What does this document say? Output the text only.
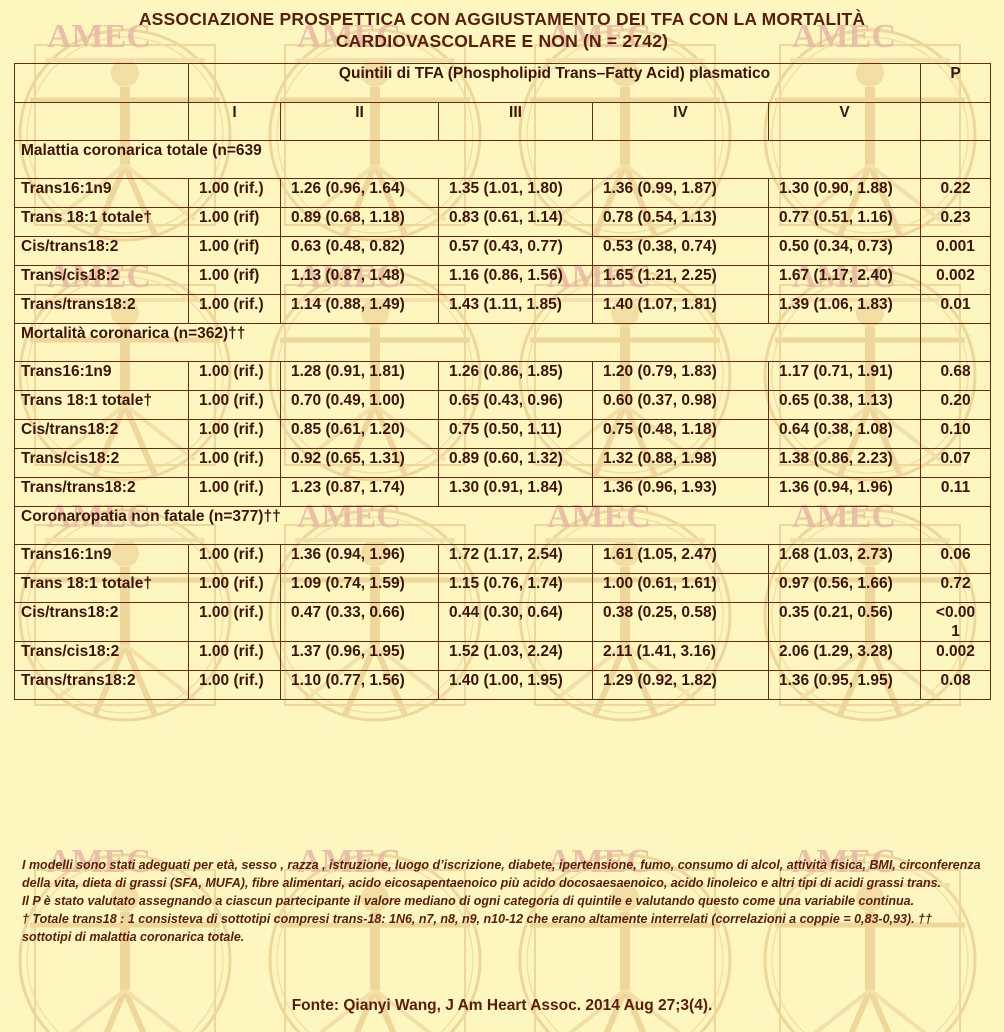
ASSOCIAZIONE PROSPETTICA CON AGGIUSTAMENTO DEI TFA CON LA MORTALITÀ
CARDIOVASCOLARE E NON (N = 2742)
	Quintili di TFA (Phospholipid Trans–Fatty Acid) plasmatico					P
	I	II	III	IV	V	
Malattia coronarica totale (n=639						
Trans16:1n9	1.00 (rif.)	1.26 (0.96, 1.64)	1.35 (1.01, 1.80)	1.36 (0.99, 1.87)	1.30 (0.90, 1.88)	0.22
Trans 18:1 totale†	1.00 (rif)	0.89 (0.68, 1.18)	0.83 (0.61, 1.14)	0.78 (0.54, 1.13)	0.77 (0.51, 1.16)	0.23
Cis/trans18:2	1.00 (rif)	0.63 (0.48, 0.82)	0.57 (0.43, 0.77)	0.53 (0.38, 0.74)	0.50 (0.34, 0.73)	0.001
Trans/cis18:2	1.00 (rif)	1.13 (0.87, 1.48)	1.16 (0.86, 1.56)	1.65 (1.21, 2.25)	1.67 (1.17, 2.40)	0.002
Trans/trans18:2	1.00 (rif.)	1.14 (0.88, 1.49)	1.43 (1.11, 1.85)	1.40 (1.07, 1.81)	1.39 (1.06, 1.83)	0.01
Mortalità coronarica (n=362)††						
Trans16:1n9	1.00 (rif.)	1.28 (0.91, 1.81)	1.26 (0.86, 1.85)	1.20 (0.79, 1.83)	1.17 (0.71, 1.91)	0.68
Trans 18:1 totale†	1.00 (rif.)	0.70 (0.49, 1.00)	0.65 (0.43, 0.96)	0.60 (0.37, 0.98)	0.65 (0.38, 1.13)	0.20
Cis/trans18:2	1.00 (rif.)	0.85 (0.61, 1.20)	0.75 (0.50, 1.11)	0.75 (0.48, 1.18)	0.64 (0.38, 1.08)	0.10
Trans/cis18:2	1.00 (rif.)	0.92 (0.65, 1.31)	0.89 (0.60, 1.32)	1.32 (0.88, 1.98)	1.38 (0.86, 2.23)	0.07
Trans/trans18:2	1.00 (rif.)	1.23 (0.87, 1.74)	1.30 (0.91, 1.84)	1.36 (0.96, 1.93)	1.36 (0.94, 1.96)	0.11
Coronaropatia non fatale (n=377)††						
Trans16:1n9	1.00 (rif.)	1.36 (0.94, 1.96)	1.72 (1.17, 2.54)	1.61 (1.05, 2.47)	1.68 (1.03, 2.73)	0.06
Trans 18:1 totale†	1.00 (rif.)	1.09 (0.74, 1.59)	1.15 (0.76, 1.74)	1.00 (0.61, 1.61)	0.97 (0.56, 1.66)	0.72
Cis/trans18:2	1.00 (rif.)	0.47 (0.33, 0.66)	0.44 (0.30, 0.64)	0.38 (0.25, 0.58)	0.35 (0.21, 0.56)	<0.00
1

Trans/cis18:2	1.00 (rif.)	1.37 (0.96, 1.95)	1.52 (1.03, 2.24)	2.11 (1.41, 3.16)	2.06 (1.29, 3.28)	0.002
Trans/trans18:2	1.00 (rif.)	1.10 (0.77, 1.56)	1.40 (1.00, 1.95)	1.29 (0.92, 1.82)	1.36 (0.95, 1.95)	0.08

I modelli sono stati adeguati per età, sesso , razza , istruzione, luogo d’iscrizione, diabete, ipertensione, fumo, consumo di alcol, attività fisica, BMI, circonferenza della vita, dieta di grassi (SFA, MUFA), fibre alimentari, acido eicosapentaenoico più acido docosaesaenoico, acido linoleico e altri tipi di acidi grassi trans.

Il P è stato valutato assegnando a ciascun partecipante il valore mediano di ogni categoria di quintile e valutando questo come una variabile continua.

† Totale trans18 : 1 consisteva di sottotipi compresi trans-18: 1N6, n7, n8, n9, n10-12 che erano altamente interrelati (correlazioni a coppie = 0,83-0,93). †† sottotipi di malattia coronarica totale.

Fonte: Qianyi Wang, J Am Heart Assoc. 2014 Aug 27;3(4).
